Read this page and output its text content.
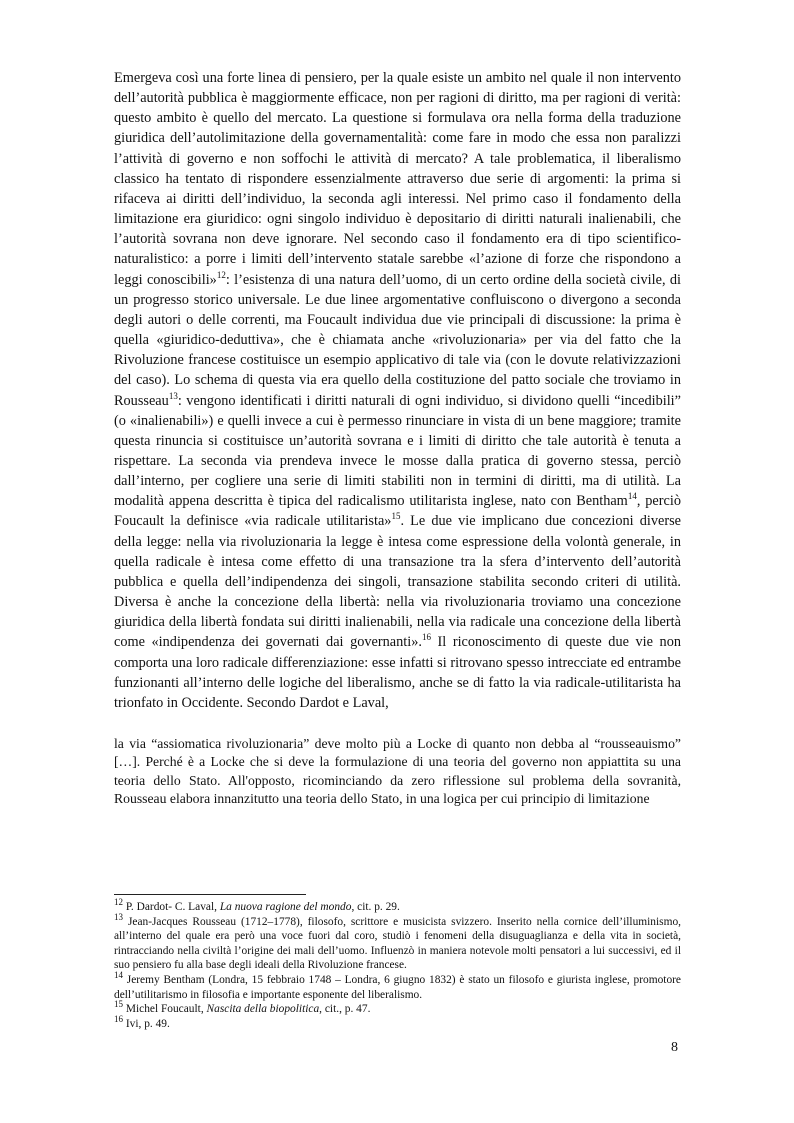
Emergeva così una forte linea di pensiero, per la quale esiste un ambito nel quale il non intervento dell’autorità pubblica è maggiormente efficace, non per ragioni di diritto, ma per ragioni di verità: questo ambito è quello del mercato. La questione si formulava ora nella forma della traduzione giuridica dell’autolimitazione della governamentalità: come fare in modo che essa non paralizzi l’attività di governo e non soffochi le attività di mercato? A tale problematica, il liberalismo classico ha tentato di rispondere essenzialmente attraverso due serie di argomenti: la prima si rifaceva ai diritti dell’individuo, la seconda agli interessi. Nel primo caso il fondamento della limitazione era giuridico: ogni singolo individuo è depositario di diritti naturali inalienabili, che l’autorità sovrana non deve ignorare. Nel secondo caso il fondamento era di tipo scientifico-naturalistico: a porre i limiti dell’intervento statale sarebbe «l’azione di forze che rispondono a leggi conoscibili»$^{12}$: l’esistenza di una natura dell’uomo, di un certo ordine della società civile, di un progresso storico universale. Le due linee argomentative confluiscono o divergono a seconda degli autori o delle correnti, ma Foucault individua due vie principali di discussione: la prima è quella «giuridico-deduttiva», che è chiamata anche «rivoluzionaria» per via del fatto che la Rivoluzione francese costituisce un esempio applicativo di tale via (con le dovute relativizzazioni del caso). Lo schema di questa via era quello della costituzione del patto sociale che troviamo in Rousseau$^{13}$: vengono identificati i diritti naturali di ogni individuo, si dividono quelli “incedibili” (o «inalienabili») e quelli invece a cui è permesso rinunciare in vista di un bene maggiore; tramite questa rinuncia si costituisce un’autorità sovrana e i limiti di diritto che tale autorità è tenuta a rispettare. La seconda via prendeva invece le mosse dalla pratica di governo stessa, perciò dall’interno, per cogliere una serie di limiti stabiliti non in termini di diritti, ma di utilità. La modalità appena descritta è tipica del radicalismo utilitarista inglese, nato con Bentham$^{14}$, perciò Foucault la definisce «via radicale utilitarista»$^{15}$. Le due vie implicano due concezioni diverse della legge: nella via rivoluzionaria la legge è intesa come espressione della volontà generale, in quella radicale è intesa come effetto di una transazione tra la sfera d’intervento dell’autorità pubblica e quella dell’indipendenza dei singoli, transazione stabilita secondo criteri di utilità. Diversa è anche la concezione della libertà: nella via rivoluzionaria troviamo una concezione giuridica della libertà fondata sui diritti inalienabili, nella via radicale una concezione della libertà come «indipendenza dei governati dai governanti».$^{16}$ Il riconoscimento di queste due vie non comporta una loro radicale differenziazione: esse infatti si ritrovano spesso intrecciate ed entrambe funzionanti all’interno delle logiche del liberalismo, anche se di fatto la via radicale-utilitarista ha trionfato in Occidente. Secondo Dardot e Laval,

la via “assiomatica rivoluzionaria” deve molto più a Locke di quanto non debba al “rousseauismo” […]. Perché è a Locke che si deve la formulazione di una teoria del governo non appiattita su una teoria dello Stato. All'opposto, ricominciando da zero riflessione sul problema della sovranità, Rousseau elabora innanzitutto una teoria dello Stato, in una logica per cui principio di limitazione

$^{12}$ P. Dardot- C. Laval, La nuova ragione del mondo, cit. p. 29.

$^{13}$ Jean-Jacques Rousseau (1712–1778), filosofo, scrittore e musicista svizzero. Inserito nella cornice dell’illuminismo, all’interno del quale era però una voce fuori dal coro, studiò i fenomeni della disuguaglianza e della vita in società, rintracciando nella civiltà l’origine dei mali dell’uomo. Influenzò in maniera notevole molti pensatori a lui successivi, ed il suo pensiero fu alla base degli ideali della Rivoluzione francese.

$^{14}$ Jeremy Bentham (Londra, 15 febbraio 1748 – Londra, 6 giugno 1832) è stato un filosofo e giurista inglese, promotore dell’utilitarismo in filosofia e importante esponente del liberalismo.

$^{15}$ Michel Foucault, Nascita della biopolitica, cit., p. 47.

$^{16}$ Ivi, p. 49.

8
